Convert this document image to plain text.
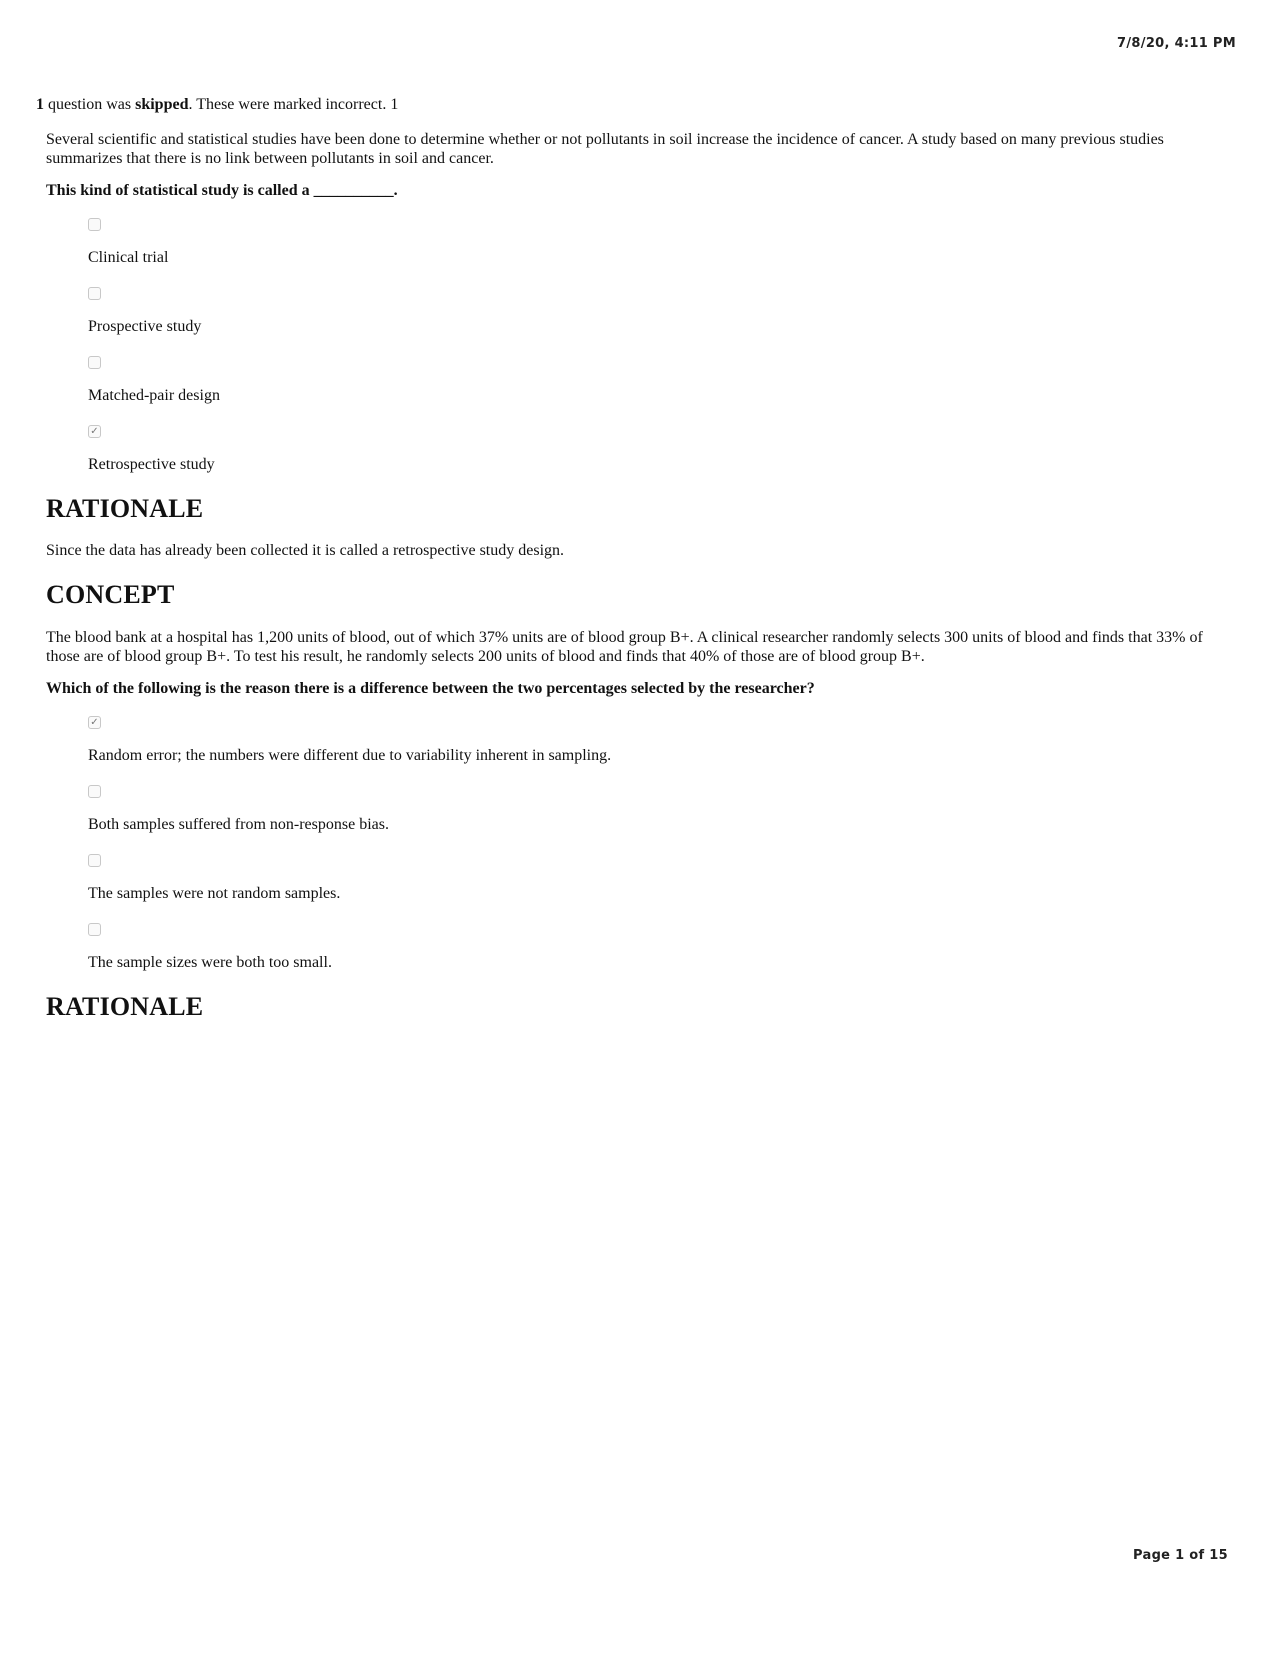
7/8/20, 4:11 PM

1 question was skipped. These were marked incorrect. 1

Several scientific and statistical studies have been done to determine whether or not pollutants in soil increase the incidence of cancer. A study based on many previous studies summarizes that there is no link between pollutants in soil and cancer.

This kind of statistical study is called a __________.

Clinical trial
Prospective study
Matched-pair design
✓
Retrospective study
RATIONALE

Since the data has already been collected it is called a retrospective study design.

CONCEPT

The blood bank at a hospital has 1,200 units of blood, out of which 37% units are of blood group B+. A clinical researcher randomly selects 300 units of blood and finds that 33% of those are of blood group B+. To test his result, he randomly selects 200 units of blood and finds that 40% of those are of blood group B+.

Which of the following is the reason there is a difference between the two percentages selected by the researcher?

✓
Random error; the numbers were different due to variability inherent in sampling.
Both samples suffered from non-response bias.
The samples were not random samples.
The sample sizes were both too small.
RATIONALE
Page 1 of 15
